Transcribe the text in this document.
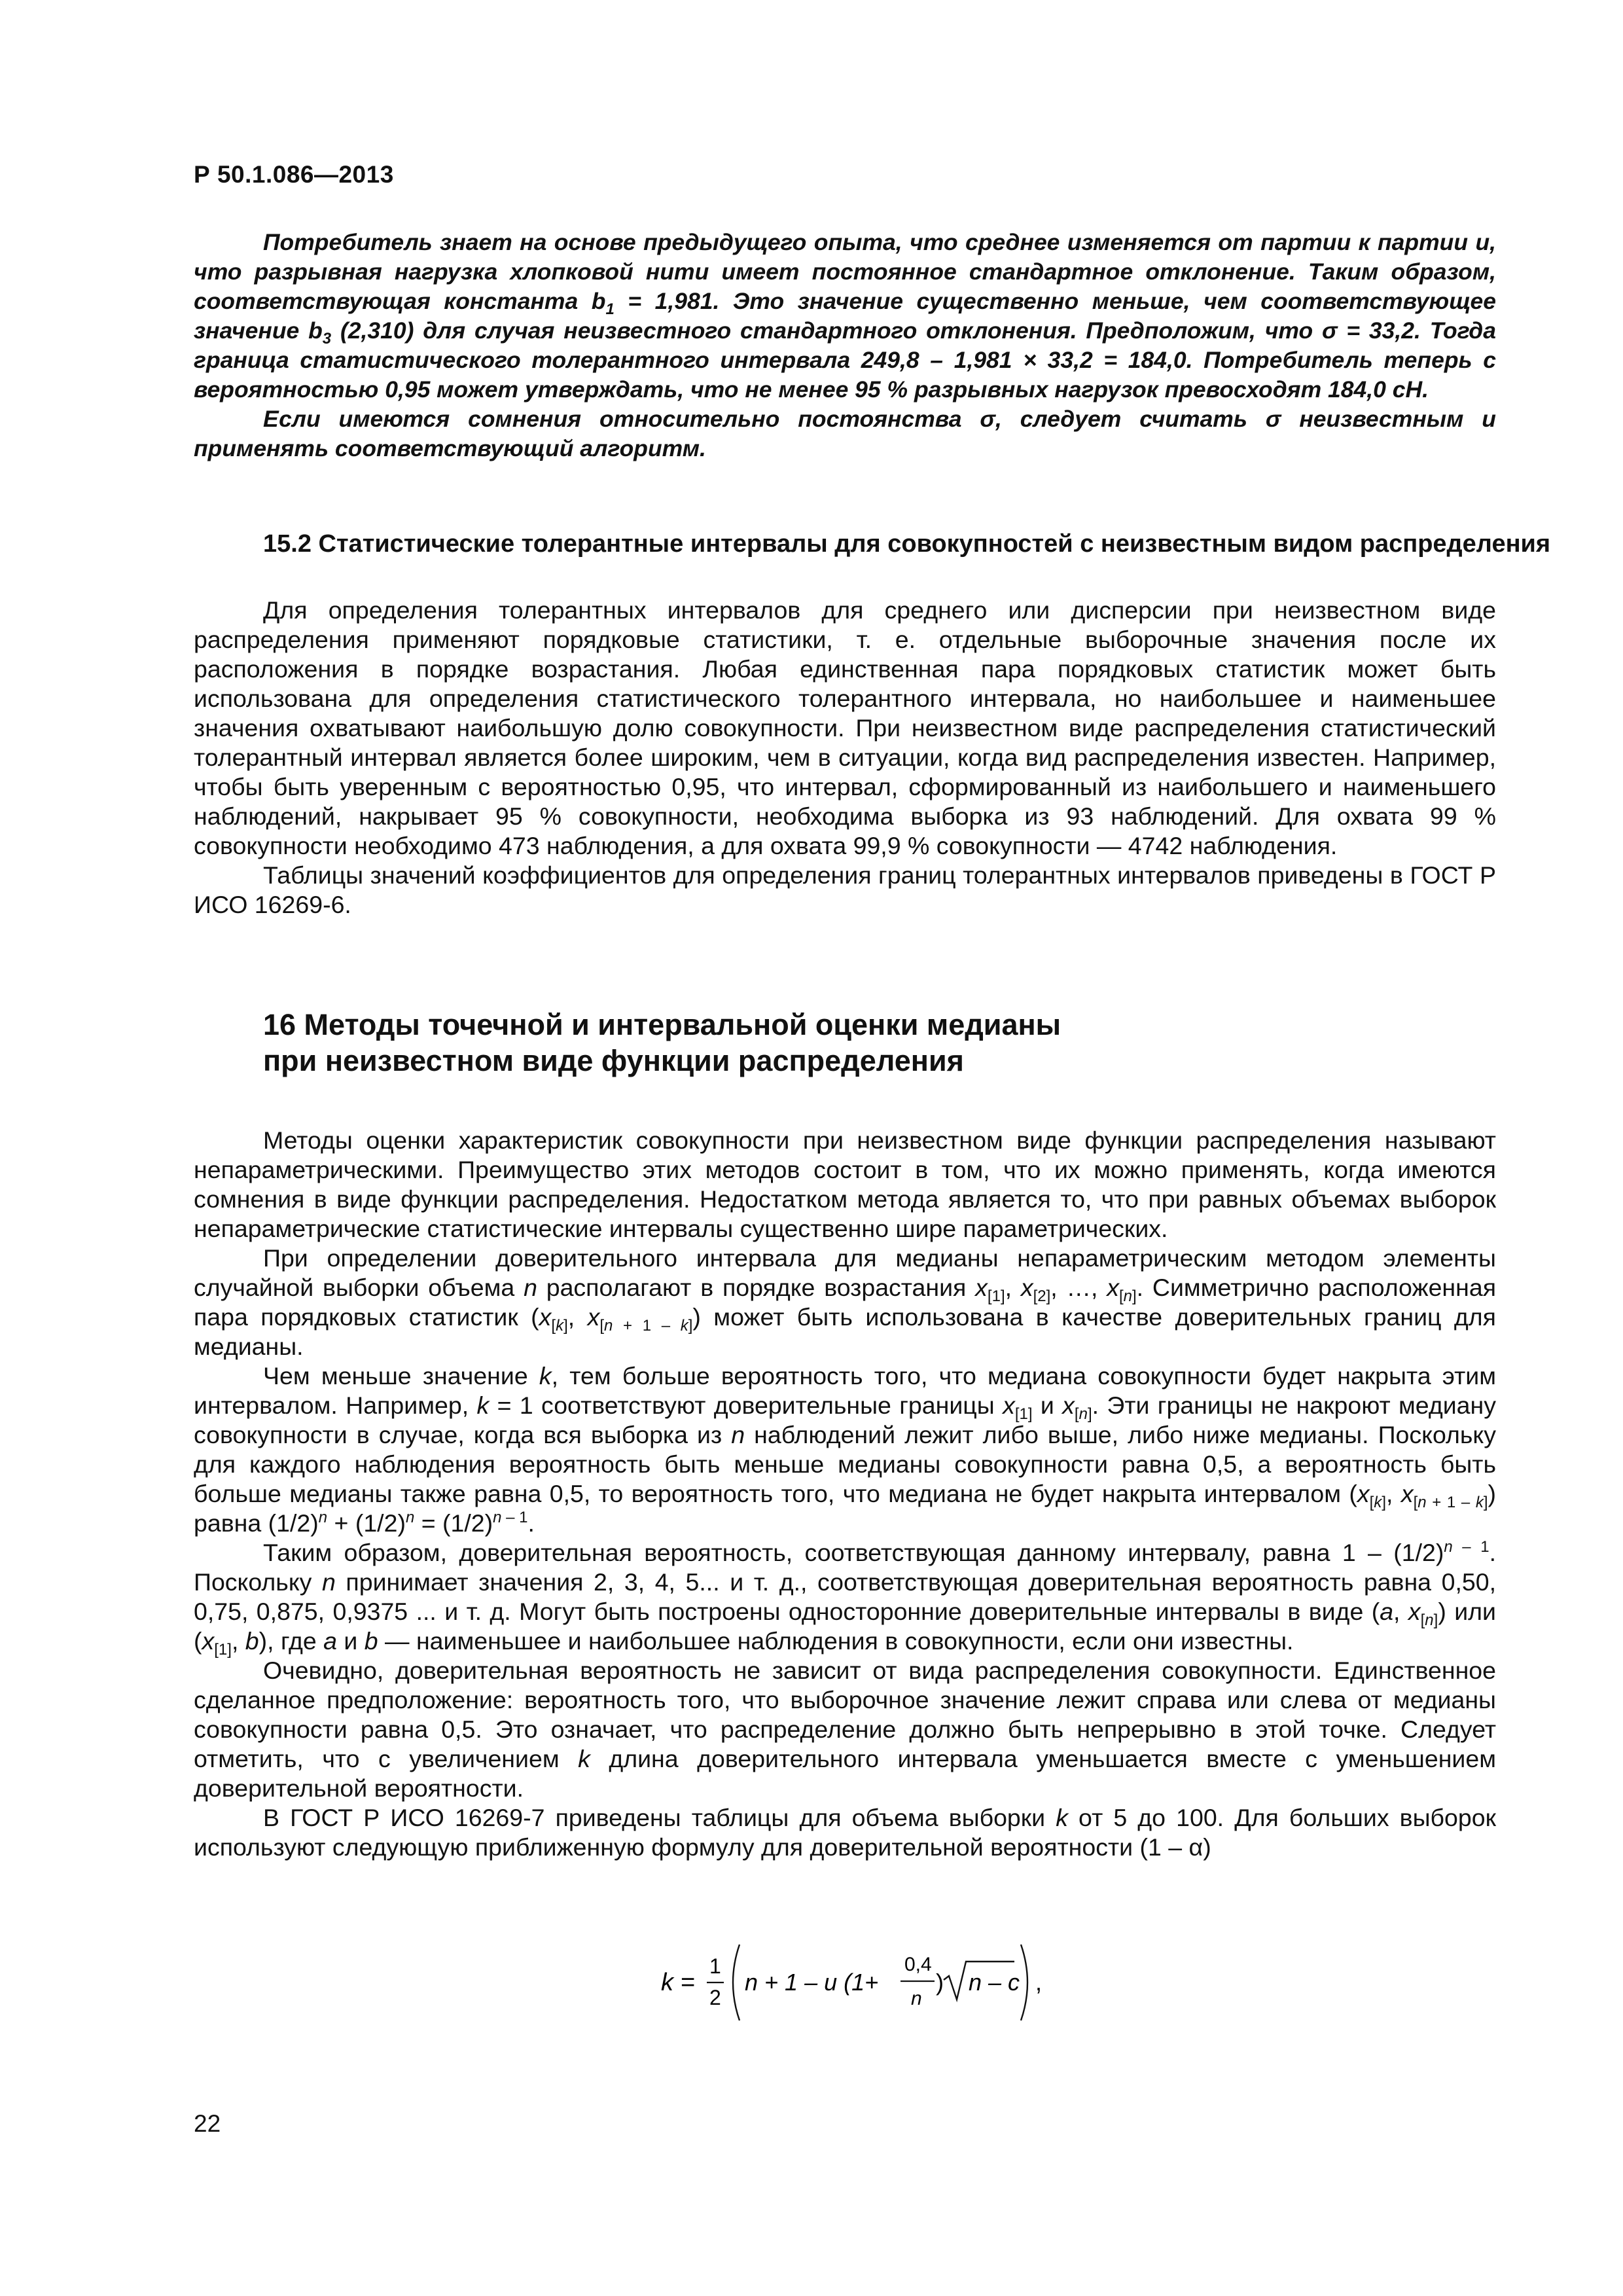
Р 50.1.086—2013

Потребитель знает на основе предыдущего опыта, что среднее изменяется от партии к партии и, что разрывная нагрузка хлопковой нити имеет постоянное стандартное отклонение. Таким образом, соответствующая константа $b_1 = 1,981$. Это значение существенно меньше, чем соответствующее значение $b_3$ (2,310) для случая неизвестного стандартного отклонения. Предположим, что σ = 33,2. Тогда граница статистического толерантного интервала 249,8 – 1,981 × 33,2 = 184,0. Потребитель теперь с вероятностью 0,95 может утверждать, что не менее 95 % разрывных нагрузок превосходят 184,0 сН.

Если имеются сомнения относительно постоянства σ, следует считать σ неизвестным и применять соответствующий алгоритм.

15.2 Статистические толерантные интервалы для совокупностей с неизвестным видом распределения

Для определения толерантных интервалов для среднего или дисперсии при неизвестном виде распределения применяют порядковые статистики, т. е. отдельные выборочные значения после их расположения в порядке возрастания. Любая единственная пара порядковых статистик может быть использована для определения статистического толерантного интервала, но наибольшее и наименьшее значения охватывают наибольшую долю совокупности. При неизвестном виде распределения статистический толерантный интервал является более широким, чем в ситуации, когда вид распределения известен. Например, чтобы быть уверенным с вероятностью 0,95, что интервал, сформированный из наибольшего и наименьшего наблюдений, накрывает 95 % совокупности, необходима выборка из 93 наблюдений. Для охвата 99 % совокупности необходимо 473 наблюдения, а для охвата 99,9 % совокупности — 4742 наблюдения.

Таблицы значений коэффициентов для определения границ толерантных интервалов приведены в ГОСТ Р ИСО 16269-6.

16 Методы точечной и интервальной оценки медианы
при неизвестном виде функции распределения

Методы оценки характеристик совокупности при неизвестном виде функции распределения называют непараметрическими. Преимущество этих методов состоит в том, что их можно применять, когда имеются сомнения в виде функции распределения. Недостатком метода является то, что при равных объемах выборок непараметрические статистические интервалы существенно шире параметрических.

При определении доверительного интервала для медианы непараметрическим методом элементы случайной выборки объема n располагают в порядке возрастания $x_{[1]}$, $x_{[2]}$, …, $x_{[n]}$. Симметрично расположенная пара порядковых статистик ($x_{[k]}$, $x_{[n + 1 - k]}$) может быть использована в качестве доверительных границ для медианы.

Чем меньше значение k, тем больше вероятность того, что медиана совокупности будет накрыта этим интервалом. Например, k = 1 соответствуют доверительные границы $x_{[1]}$ и $x_{[n]}$. Эти границы не накроют медиану совокупности в случае, когда вся выборка из n наблюдений лежит либо выше, либо ниже медианы. Поскольку для каждого наблюдения вероятность быть меньше медианы совокупности равна 0,5, а вероятность быть больше медианы также равна 0,5, то вероятность того, что медиана не будет накрыта интервалом ($x_{[k]}$, $x_{[n + 1 - k]}$) равна $(1/2)^n + (1/2)^n = (1/2)^{n - 1}$.

Таким образом, доверительная вероятность, соответствующая данному интервалу, равна $1 - (1/2)^{n - 1}$. Поскольку n принимает значения 2, 3, 4, 5... и т. д., соответствующая доверительная вероятность равна 0,50, 0,75, 0,875, 0,9375 ... и т. д. Могут быть построены односторонние доверительные интервалы в виде (a, $x_{[n]}$) или ($x_{[1]}$, b), где a и b — наименьшее и наибольшее наблюдения в совокупности, если они известны.

Очевидно, доверительная вероятность не зависит от вида распределения совокупности. Единственное сделанное предположение: вероятность того, что выборочное значение лежит справа или слева от медианы совокупности равна 0,5. Это означает, что распределение должно быть непрерывно в этой точке. Следует отметить, что с увеличением k длина доверительного интервала уменьшается вместе с уменьшением доверительной вероятности.

В ГОСТ Р ИСО 16269-7 приведены таблицы для объема выборки k от 5 до 100. Для больших выборок используют следующую приближенную формулу для доверительной вероятности (1 – α)

k =
1
2
n + 1 – u (1+
0,4
n
) n – c ,
22
